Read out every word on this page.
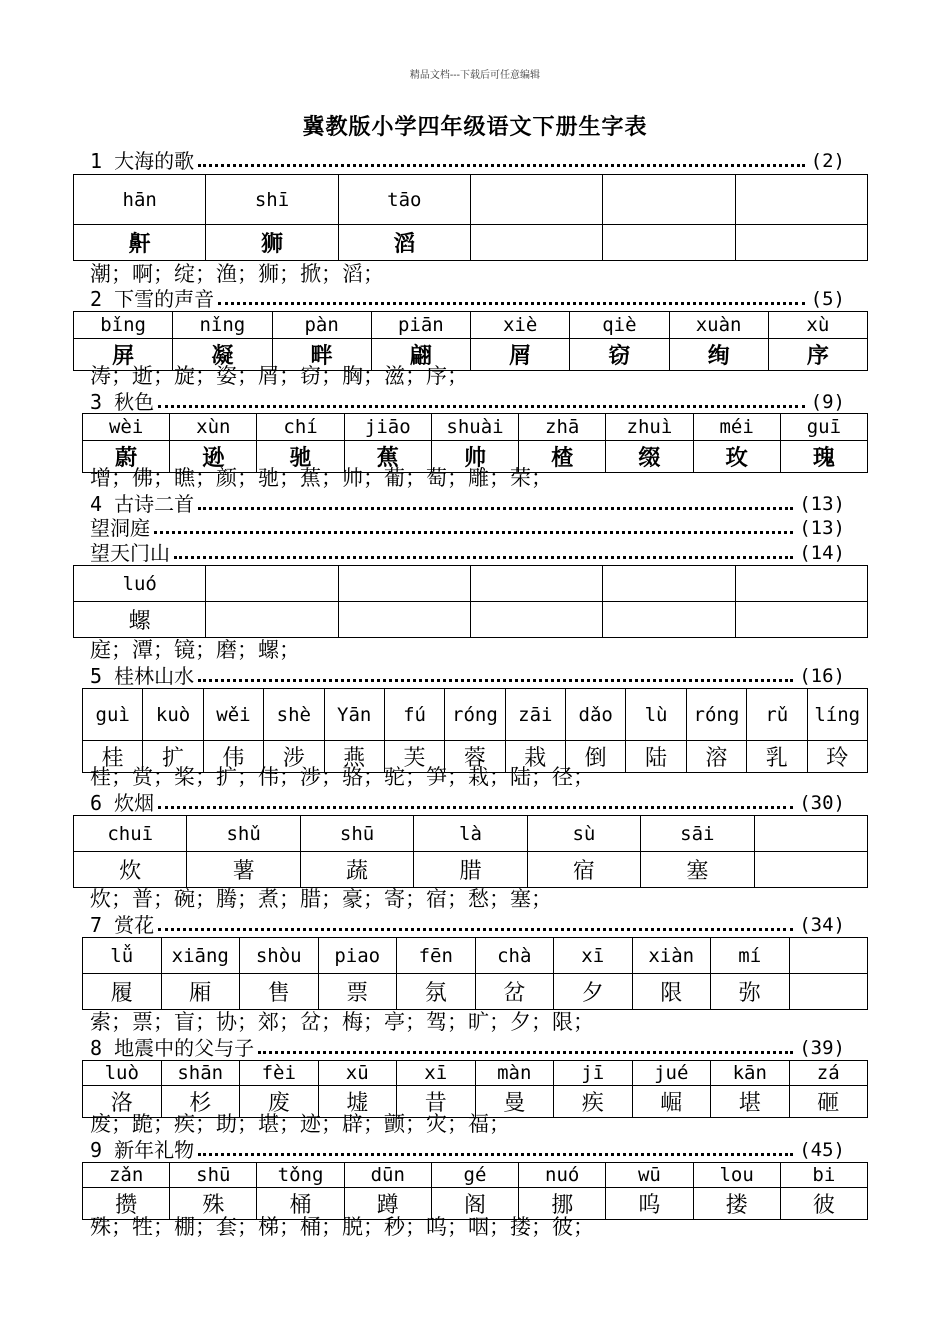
精品文档---下载后可任意编辑
冀教版小学四年级语文下册生字表
1 大海的歌	(2)
hān	shī	tāo			
鼾	狮	滔			
潮；啊；绽；渔；狮；掀；滔；
2 下雪的声音	(5)
bǐng	nǐng	pàn	piān	xiè	qiè	xuàn	xù
屏	凝	畔	翩	屑	窃	绚	序
涛；逝；旋；姿；屑；窃；胸；滋；序；
3 秋色	(9)
wèi	xùn	chí	jiāo	shuài	zhā	zhuì	méi	guī
蔚	逊	驰	蕉	帅	楂	缀	玫	瑰
增；佛；瞧；颜；驰；蕉；帅；葡；萄；雕；荣；
4 古诗二首	(13)
望洞庭	(13)
望天门山	(14)
luó					
螺					
庭；潭；镜；磨；螺；
5 桂林山水	(16)
guì	kuò	wěi	shè	Yān	fú	róng	zāi	dǎo	lù	róng	rǔ	líng
桂	扩	伟	涉	燕	芙	蓉	栽	倒	陆	溶	乳	玲
桂；赏；桨；扩；伟；涉；骆；驼；笋；栽；陆；径；
6 炊烟	(30)
chuī	shǔ	shū	là	sù	sāi	
炊	薯	蔬	腊	宿	塞	
炊；普；碗；腾；煮；腊；豪；寄；宿；愁；塞；
7 赏花	(34)
lǚ	xiāng	shòu	piao	fēn	chà	xī	xiàn	mí	
履	厢	售	票	氛	岔	夕	限	弥	
索；票；盲；协；郊；岔；梅；亭；驾；旷；夕；限；
8 地震中的父与子	(39)
luò	shān	fèi	xū	xī	màn	jī	jué	kān	zá
洛	杉	废	墟	昔	曼	疾	崛	堪	砸
废；跪；疾；助；堪；迹；辟；颤；灾；福；
9 新年礼物	(45)
zǎn	shū	tǒng	dūn	gé	nuó	wū	lou	bi
攒	殊	桶	蹲	阁	挪	呜	搂	彼
殊；牲；棚；套；梯；桶；脱；秒；呜；咽；搂；彼；
